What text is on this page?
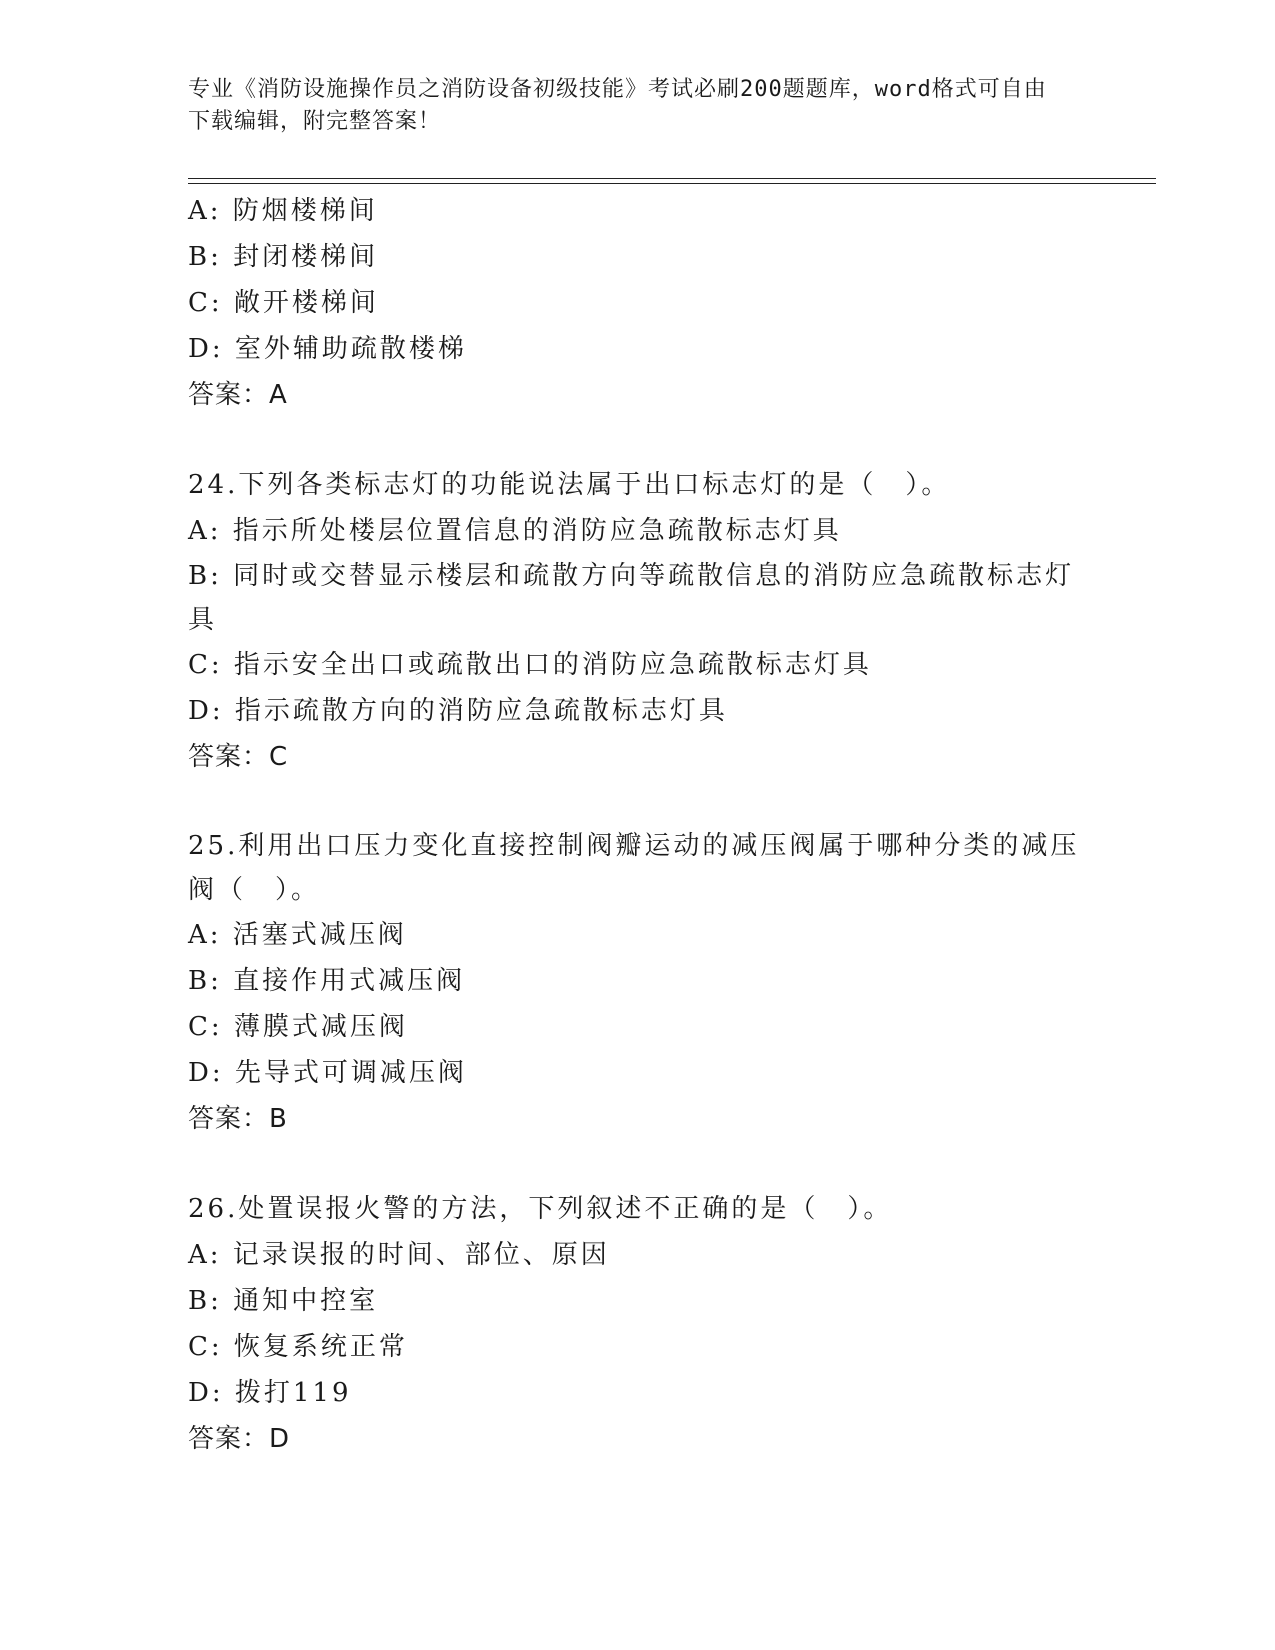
专业《消防设施操作员之消防设备初级技能》考试必刷200题题库，word格式可自由下载编辑，附完整答案！
A: 防烟楼梯间
B: 封闭楼梯间
C: 敞开楼梯间
D: 室外辅助疏散楼梯
答案：A
24.下列各类标志灯的功能说法属于出口标志灯的是（　）。
A: 指示所处楼层位置信息的消防应急疏散标志灯具
B: 同时或交替显示楼层和疏散方向等疏散信息的消防应急疏散标志灯具
C: 指示安全出口或疏散出口的消防应急疏散标志灯具
D: 指示疏散方向的消防应急疏散标志灯具
答案：C
25.利用出口压力变化直接控制阀瓣运动的减压阀属于哪种分类的减压阀（　）。
A: 活塞式减压阀
B: 直接作用式减压阀
C: 薄膜式减压阀
D: 先导式可调减压阀
答案：B
26.处置误报火警的方法，下列叙述不正确的是（　）。
A: 记录误报的时间、部位、原因
B: 通知中控室
C: 恢复系统正常
D: 拨打119
答案：D
